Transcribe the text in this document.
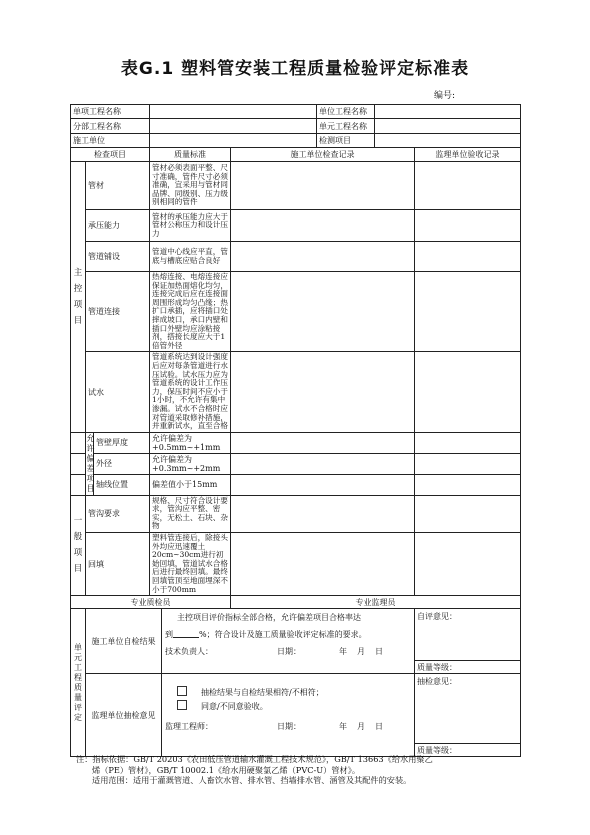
表G.1 塑料管安装工程质量检验评定标准表
编号:
单项工程名称						单位工程名称		
分部工程名称						单元工程名称		
施工单位						检测项目		
检查项目			质量标准		施工单位检查记录			监理单位验收记录
主控项目	管材		管材必须表面平整、尺寸准确，管件尺寸必须准确，宜采用与管材同品牌、同级别、压力级别相同的管件					
	承压能力		管材的承压能力应大于管材公称压力和设计压力					
	管道铺设		管道中心线应平直，管底与槽底应贴合良好					
	管道连接		热熔连接、电熔连接应保证加热面熔化均匀，连接完成后应在连接面周围形成均匀凸缘；热扩口承插，应将插口处摔成坡口，承口内壁和插口外壁均应涂粘接剂，搭接长度应大于1倍管外径					
	试水		管道系统达到设计强度后应对每条管道进行水压试验。试水压力应为管道系统的设计工作压力，保压时间不应小于1小时，不允许有集中渗漏。试水不合格时应对管道采取修补措施，并重新试水，直至合格					
	允许偏差项目	管壁厚度	允许偏差为+0.5mm~+1mm				

		外径	允许偏差为+0.3mm~+2mm				

		轴线位置	偏差值小于15mm				

一般项目	管沟要求		规格、尺寸符合设计要求，管沟应平整、密实，无松土、石块、杂物					
	回填		塑料管连接后，除接头外均应迅速覆土20cm~30cm进行初始回填，管道试水合格后进行最终回填。最终回填管顶至地面埋深不小于700mm					
专业质检员					专业监理员			
单元工程质量评定	施工单位自检结果			主控项目评价指标全部合格，允许偏差项目合格率达
到 %；符合设计及施工质量验收评定标准的要求。
技术负责人： 日期： 年 月 日				自评意见：
								质量等级：
	监理单位抽检意见			抽检结果与自检结果相符/不相符；
同意/不同意验收。
监理工程师： 日期： 年 月 日				抽检意见：
								质量等级：
注：指标依据：GB/T 20203《农田低压管道输水灌溉工程技术规范》，GB/T 13663《给水用聚乙
烯（PE）管材》，GB/T 10002.1《给水用硬聚氯乙烯（PVC-U）管材》。
适用范围：适用于灌溉管道、人畜饮水管、排水管、挡墙排水管、涵管及其配件的安装。
